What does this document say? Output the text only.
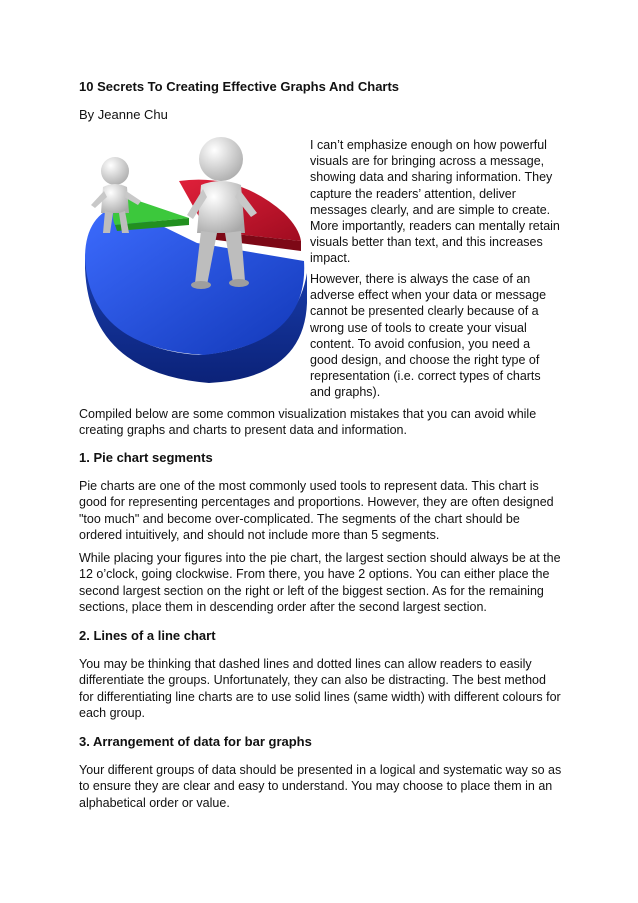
10 Secrets To Creating Effective Graphs And Charts
By Jeanne Chu
I can’t emphasize enough on how powerful visuals are for bringing across a message, showing data and sharing information. They capture the readers’ attention, deliver messages clearly, and are simple to create. More importantly, readers can mentally retain visuals better than text, and this increases impact.
However, there is always the case of an adverse effect when your data or message cannot be presented clearly because of a wrong use of tools to create your visual content. To avoid confusion, you need a good design, and choose the right type of representation (i.e. correct types of charts and graphs).
Compiled below are some common visualization mistakes that you can avoid while creating graphs and charts to present data and information.
1. Pie chart segments
Pie charts are one of the most commonly used tools to represent data. This chart is good for representing percentages and proportions. However, they are often designed "too much" and become over-complicated. The segments of the chart should be ordered intuitively, and should not include more than 5 segments.
While placing your figures into the pie chart, the largest section should always be at the 12 o’clock, going clockwise. From there, you have 2 options. You can either place the second largest section on the right or left of the biggest section. As for the remaining sections, place them in descending order after the second largest section.
2. Lines of a line chart
You may be thinking that dashed lines and dotted lines can allow readers to easily differentiate the groups. Unfortunately, they can also be distracting. The best method for differentiating line charts are to use solid lines (same width) with different colours for each group.
3. Arrangement of data for bar graphs
Your different groups of data should be presented in a logical and systematic way so as to ensure they are clear and easy to understand. You may choose to place them in an alphabetical order or value.
